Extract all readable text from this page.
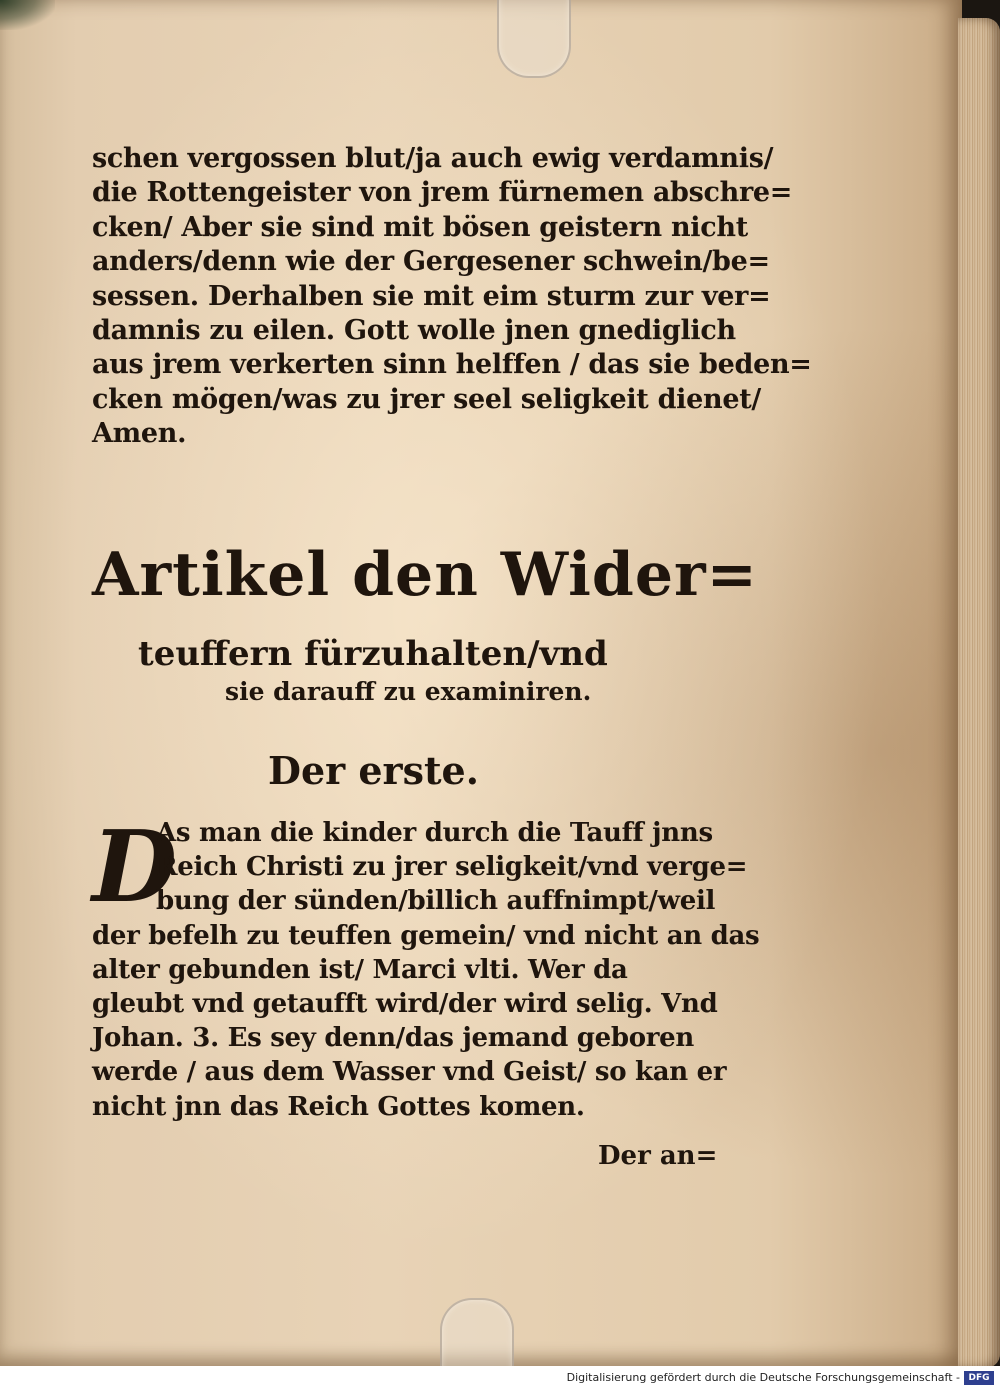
schen vergossen blut/ja auch ewig verdamnis/
die Rottengeister von jrem fürnemen abschre=
cken/ Aber sie sind mit bösen geistern nicht
anders/denn wie der Gergesener schwein/be=
sessen. Derhalben sie mit eim sturm zur ver=
damnis zu eilen. Gott wolle jnen gnediglich
aus jrem verkerten sinn helffen / das sie beden=
cken mögen/was zu jrer seel seligkeit dienet/
Amen.
Artikel den Wider=
teuffern fürzuhalten/vnd
sie darauff zu examiniren.
Der erste.
D
As man die kinder durch die Tauff jnns
Reich Christi zu jrer seligkeit/vnd verge=
bung der sünden/billich auffnimpt/weil
der befelh zu teuffen gemein/ vnd nicht an das
alter gebunden ist/ Marci vlti. Wer da
gleubt vnd getaufft wird/der wird selig. Vnd
Johan. 3. Es sey denn/das jemand geboren
werde / aus dem Wasser vnd Geist/ so kan er
nicht jnn das Reich Gottes komen.
Der an=
Digitalisierung gefördert durch die Deutsche Forschungsgemeinschaft - DFG
